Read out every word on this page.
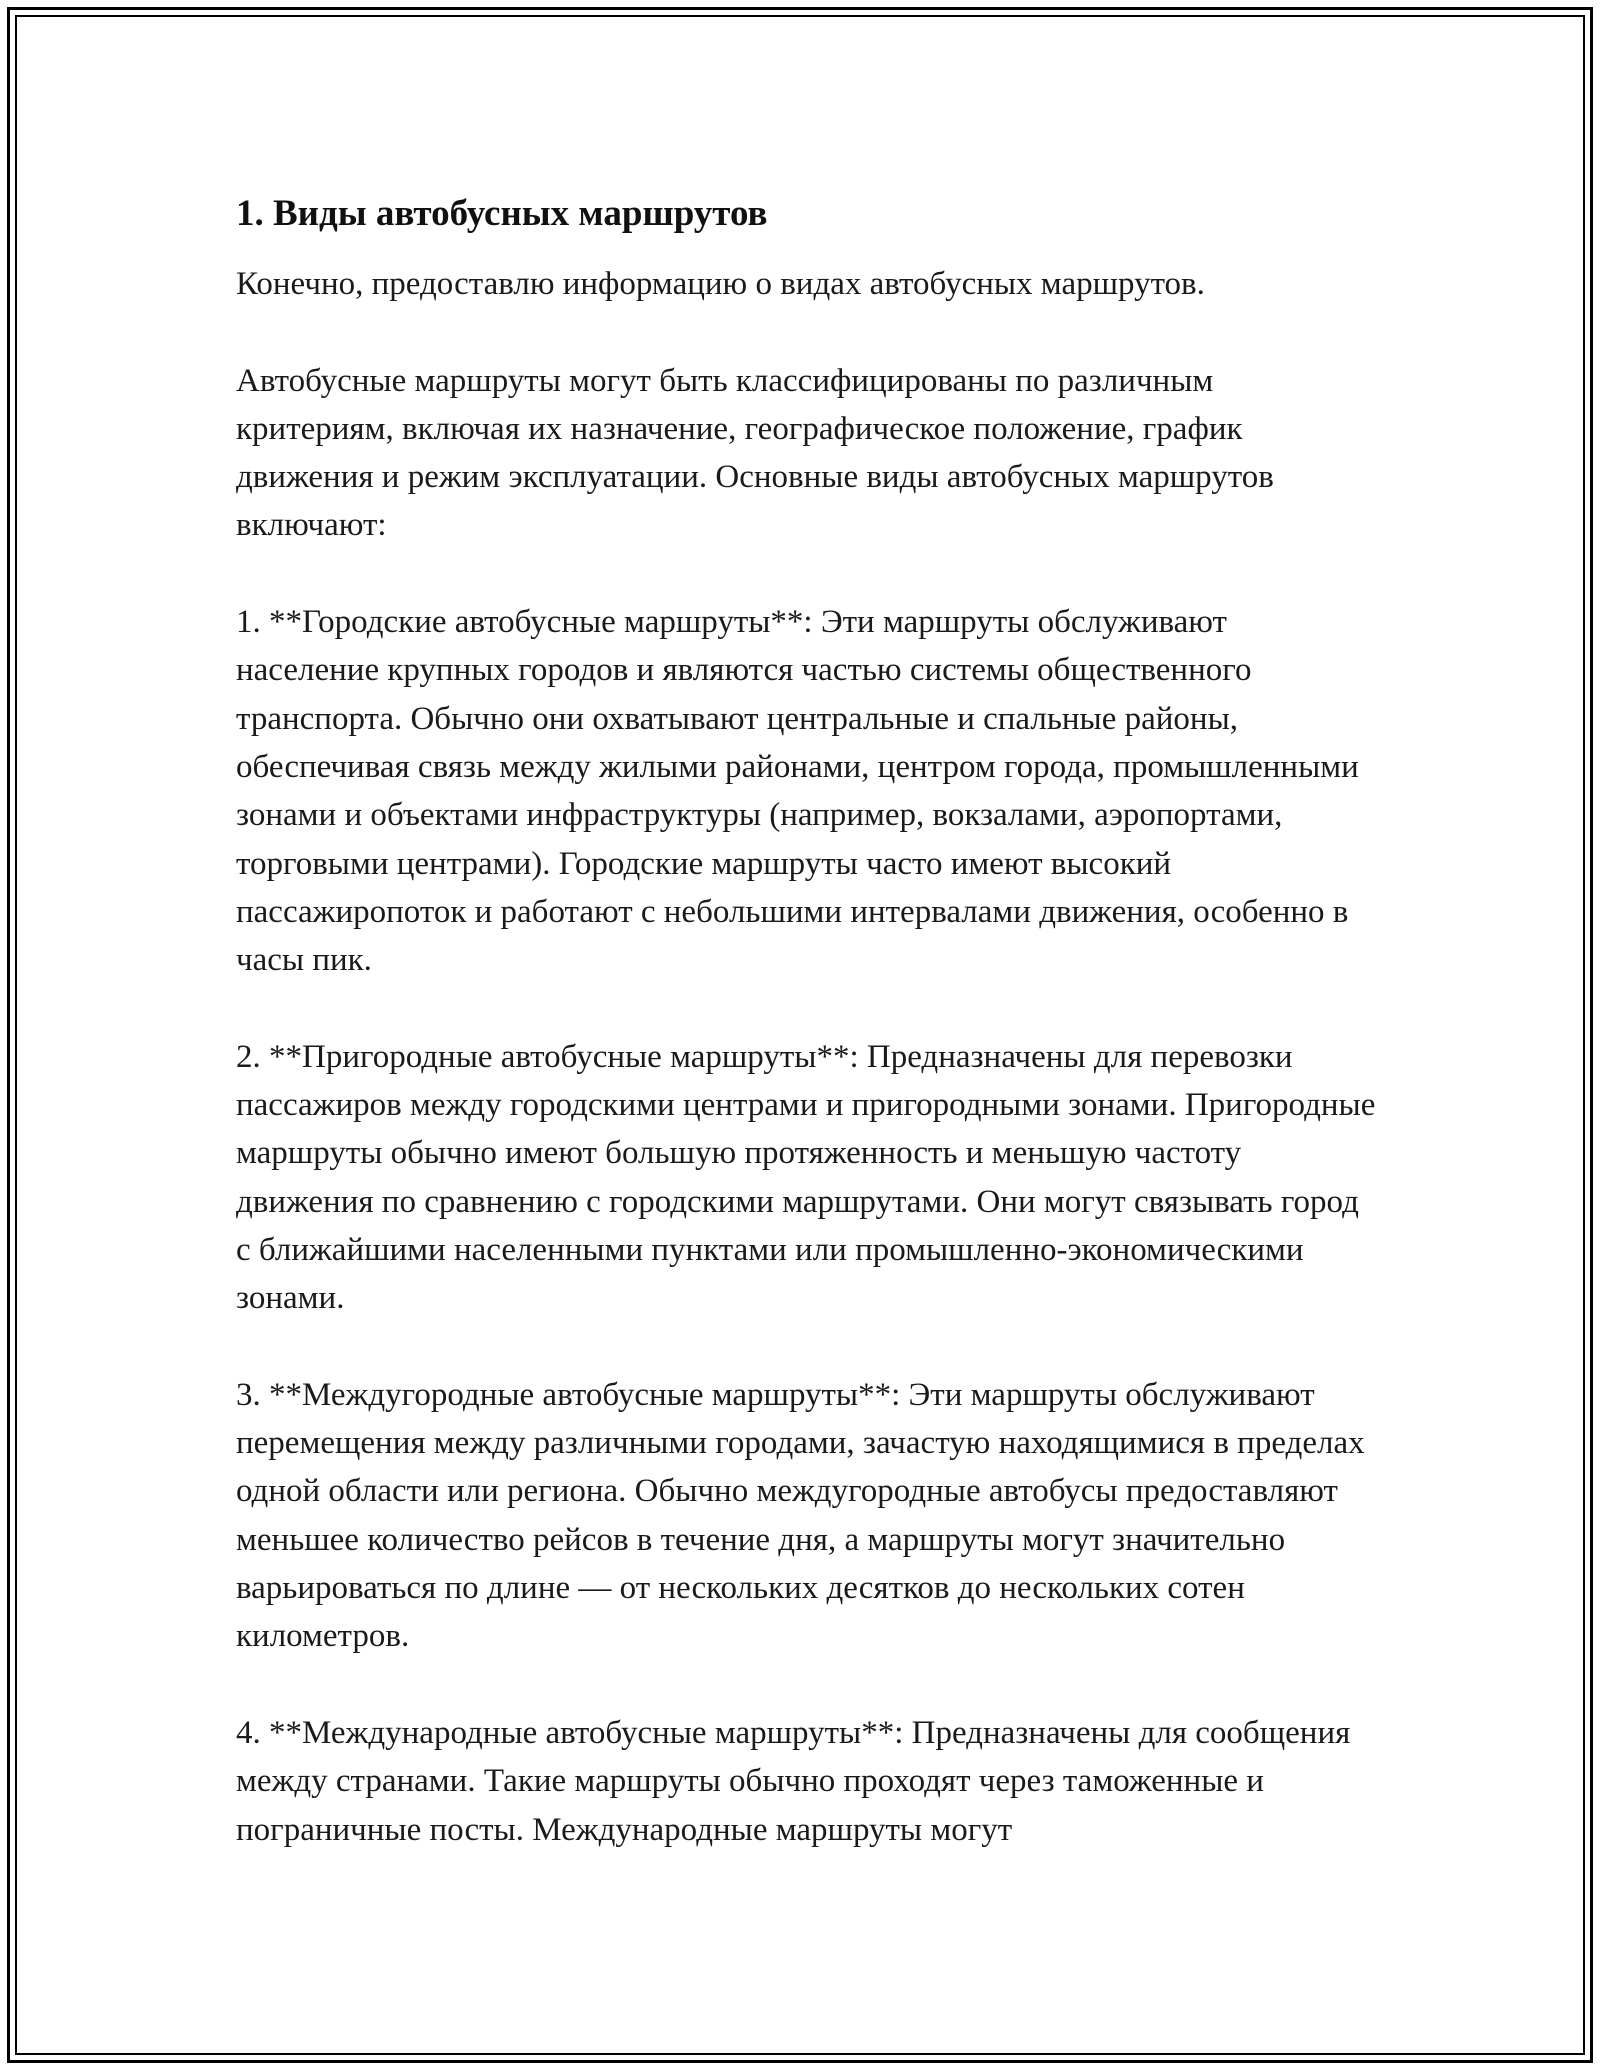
1. Виды автобусных маршрутов

Конечно, предоставлю информацию о видах автобусных маршрутов.

Автобусные маршруты могут быть классифицированы по различным критериям, включая их назначение, географическое положение, график движения и режим эксплуатации. Основные виды автобусных маршрутов включают:

1. **Городские автобусные маршруты**: Эти маршруты обслуживают население крупных городов и являются частью системы общественного транспорта. Обычно они охватывают центральные и спальные районы, обеспечивая связь между жилыми районами, центром города, промышленными зонами и объектами инфраструктуры (например, вокзалами, аэропортами, торговыми центрами). Городские маршруты часто имеют высокий пассажиропоток и работают с небольшими интервалами движения, особенно в часы пик.

2. **Пригородные автобусные маршруты**: Предназначены для перевозки пассажиров между городскими центрами и пригородными зонами. Пригородные маршруты обычно имеют большую протяженность и меньшую частоту движения по сравнению с городскими маршрутами. Они могут связывать город с ближайшими населенными пунктами или промышленно-экономическими зонами.

3. **Междугородные автобусные маршруты**: Эти маршруты обслуживают перемещения между различными городами, зачастую находящимися в пределах одной области или региона. Обычно междугородные автобусы предоставляют меньшее количество рейсов в течение дня, а маршруты могут значительно варьироваться по длине — от нескольких десятков до нескольких сотен километров.

4. **Международные автобусные маршруты**: Предназначены для сообщения между странами. Такие маршруты обычно проходят через таможенные и пограничные посты. Международные маршруты могут
